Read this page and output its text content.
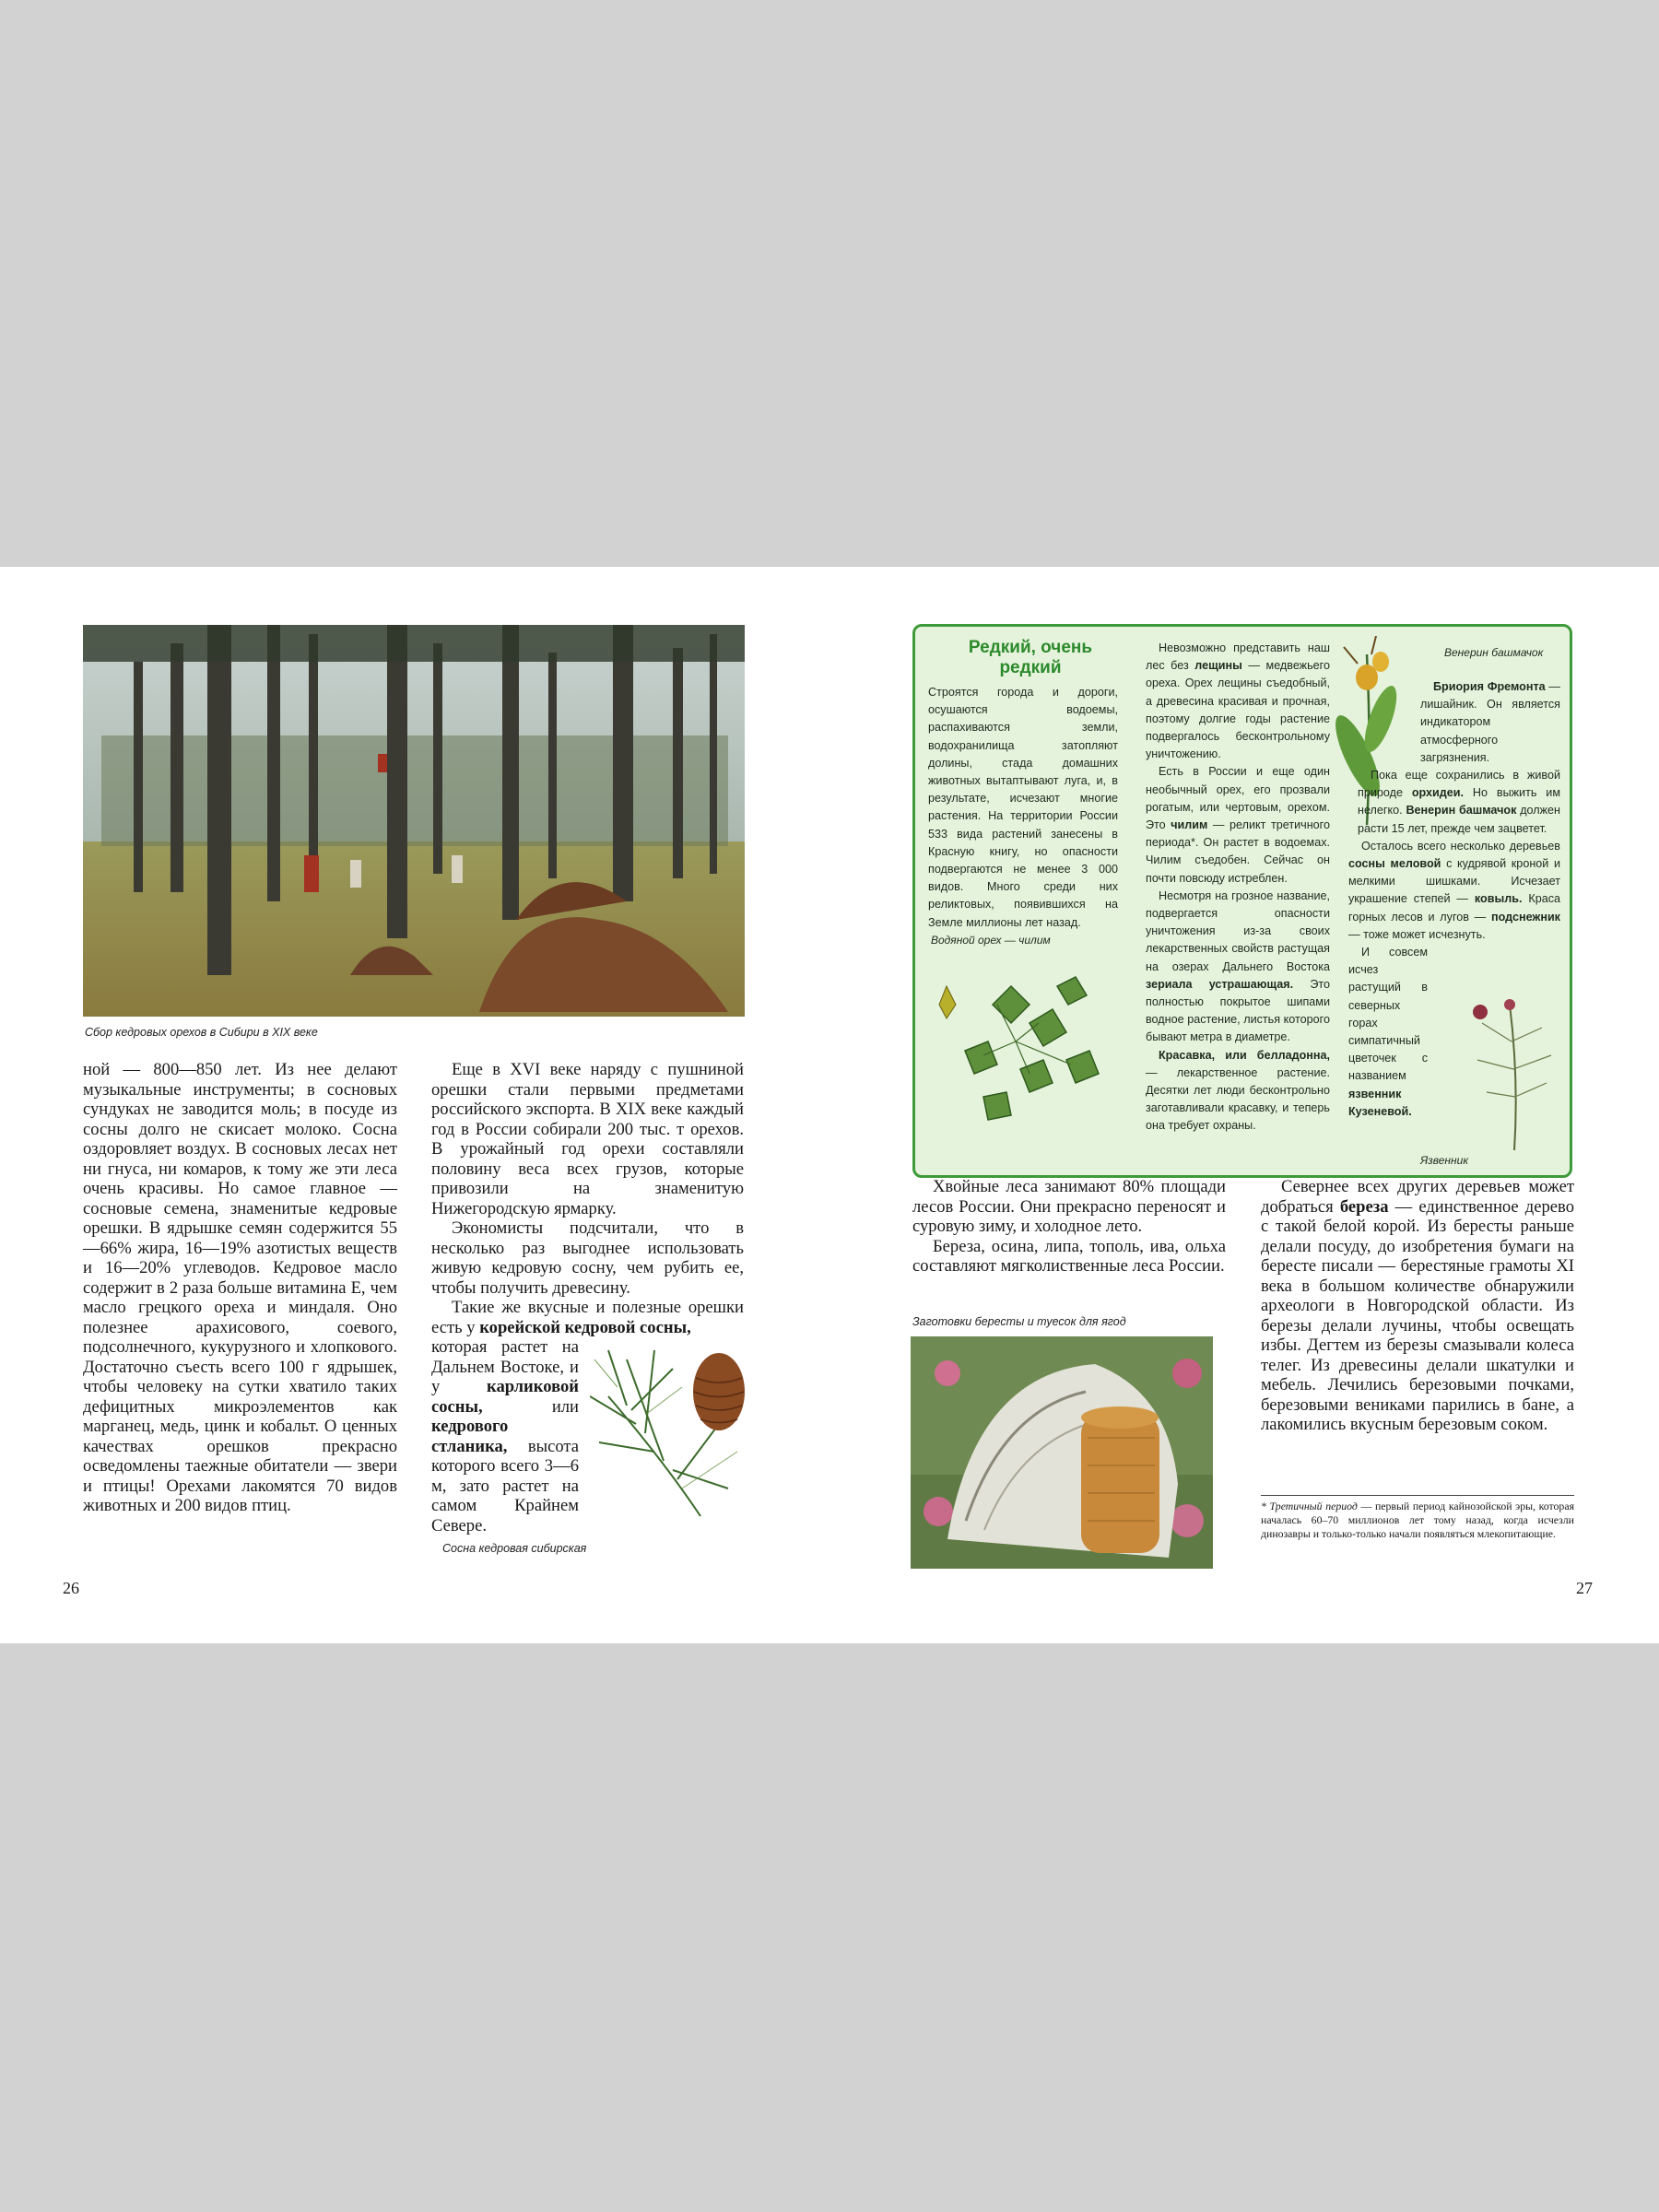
Сбор кедровых орехов в Сибири в XIX веке

ной — 800—850 лет. Из нее делают музыкальные инструменты; в сосновых сундуках не заводится моль; в посуде из сосны долго не скисает молоко. Сосна оздоровляет воздух. В сосновых лесах нет ни гнуса, ни комаров, к тому же эти леса очень красивы. Но самое главное — сосновые семена, знаменитые кедровые орешки. В ядрышке семян содержится 55—66% жира, 16—19% азотистых веществ и 16—20% углеводов. Кедровое масло содержит в 2 раза больше витамина Е, чем масло грецкого ореха и миндаля. Оно полезнее арахисового, соевого, подсолнечного, кукурузного и хлопкового. Достаточно съесть всего 100 г ядрышек, чтобы человеку на сутки хватило таких дефицитных микроэлементов как марганец, медь, цинк и кобальт. О ценных качествах орешков прекрасно осведомлены таежные обитатели — звери и птицы! Орехами лакомятся 70 видов животных и 200 видов птиц.

Еще в XVI веке наряду с пушниной орешки стали первыми предметами российского экспорта. В XIX веке каждый год в России собирали 200 тыс. т орехов. В урожайный год орехи составляли половину веса всех грузов, которые привозили на знаменитую Нижегородскую ярмарку.

Экономисты подсчитали, что в несколько раз выгоднее использовать живую кедровую сосну, чем рубить ее, чтобы получить древесину.

Такие же вкусные и полезные орешки есть у корейской кедровой сосны,

которая растет на Дальнем Востоке, и у	карликовой сосны,	или кедрового стланика, высота которого всего 3—6 м, зато растет на самом Крайнем Севере.
Сосна кедровая сибирская
26
Редкий, очень редкий

Строятся города и дороги, осушаются водоемы, распахиваются земли, водохранилища затопляют долины, стада домашних животных вытаптывают луга, и, в результате, исчезают многие растения. На территории России 533 вида растений занесены в Красную книгу, но опасности подвергаются не менее 3 000 видов. Много среди них реликтовых, появившихся на Земле миллионы лет назад.

Водяной орех — чилим

Невозможно представить наш лес без лещины — медвежьего ореха. Орех лещины съедобный, а древесина красивая и прочная, поэтому долгие годы растение подвергалось бесконтрольному уничтожению.

Есть в России и еще один необычный орех, его прозвали рогатым, или чертовым, орехом. Это чилим — реликт третичного периода*. Он растет в водоемах. Чилим съедобен. Сейчас он почти повсюду истреблен.

Несмотря на грозное название, подвергается опасности уничтожения из-за своих лекарственных свойств растущая на озерах Дальнего Востока зериала устрашающая. Это полностью покрытое шипами водное растение, листья которого бывают метра в диаметре.

Красавка, или белладонна, — лекарственное растение. Десятки лет люди бесконтрольно заготавливали красавку, и теперь она требует охраны.

Венерин башмачок

Бриория Фремонта — лишайник. Он является индикатором атмосферного загрязнения.

Пока еще сохранились в живой природе орхидеи. Но выжить им нелегко. Венерин башмачок должен расти 15 лет, прежде чем зацветет.

Осталось всего несколько деревьев сосны меловой с кудрявой кроной и мелкими шишками. Исчезает украшение степей — ковыль. Краса горных лесов и лугов — подснежник — тоже может исчезнуть.

И совсем исчез растущий в северных горах симпатичный цветочек с названием язвенник Кузеневой.

Язвенник

Хвойные леса занимают 80% площади лесов России. Они прекрасно переносят и суровую зиму, и холодное лето.

Береза, осина, липа, тополь, ива, ольха составляют мягколиственные леса России.

Заготовки бересты и туесок для ягод

Севернее всех других деревьев может добраться береза — единственное дерево с такой белой корой. Из бересты раньше делали посуду, до изобретения бумаги на бересте писали — берестяные грамоты XI века в большом количестве обнаружили археологи в Новгородской области. Из березы делали лучины, чтобы освещать избы. Дегтем из березы смазывали колеса телег. Из древесины делали шкатулки и мебель. Лечились березовыми почками, березовыми вениками парились в бане, а лакомились вкусным березовым соком.

* Третичный период — первый период кайнозойской эры, которая началась 60–70 миллионов лет тому назад, когда исчезли динозавры и только-только начали появляться млекопитающие.
27
